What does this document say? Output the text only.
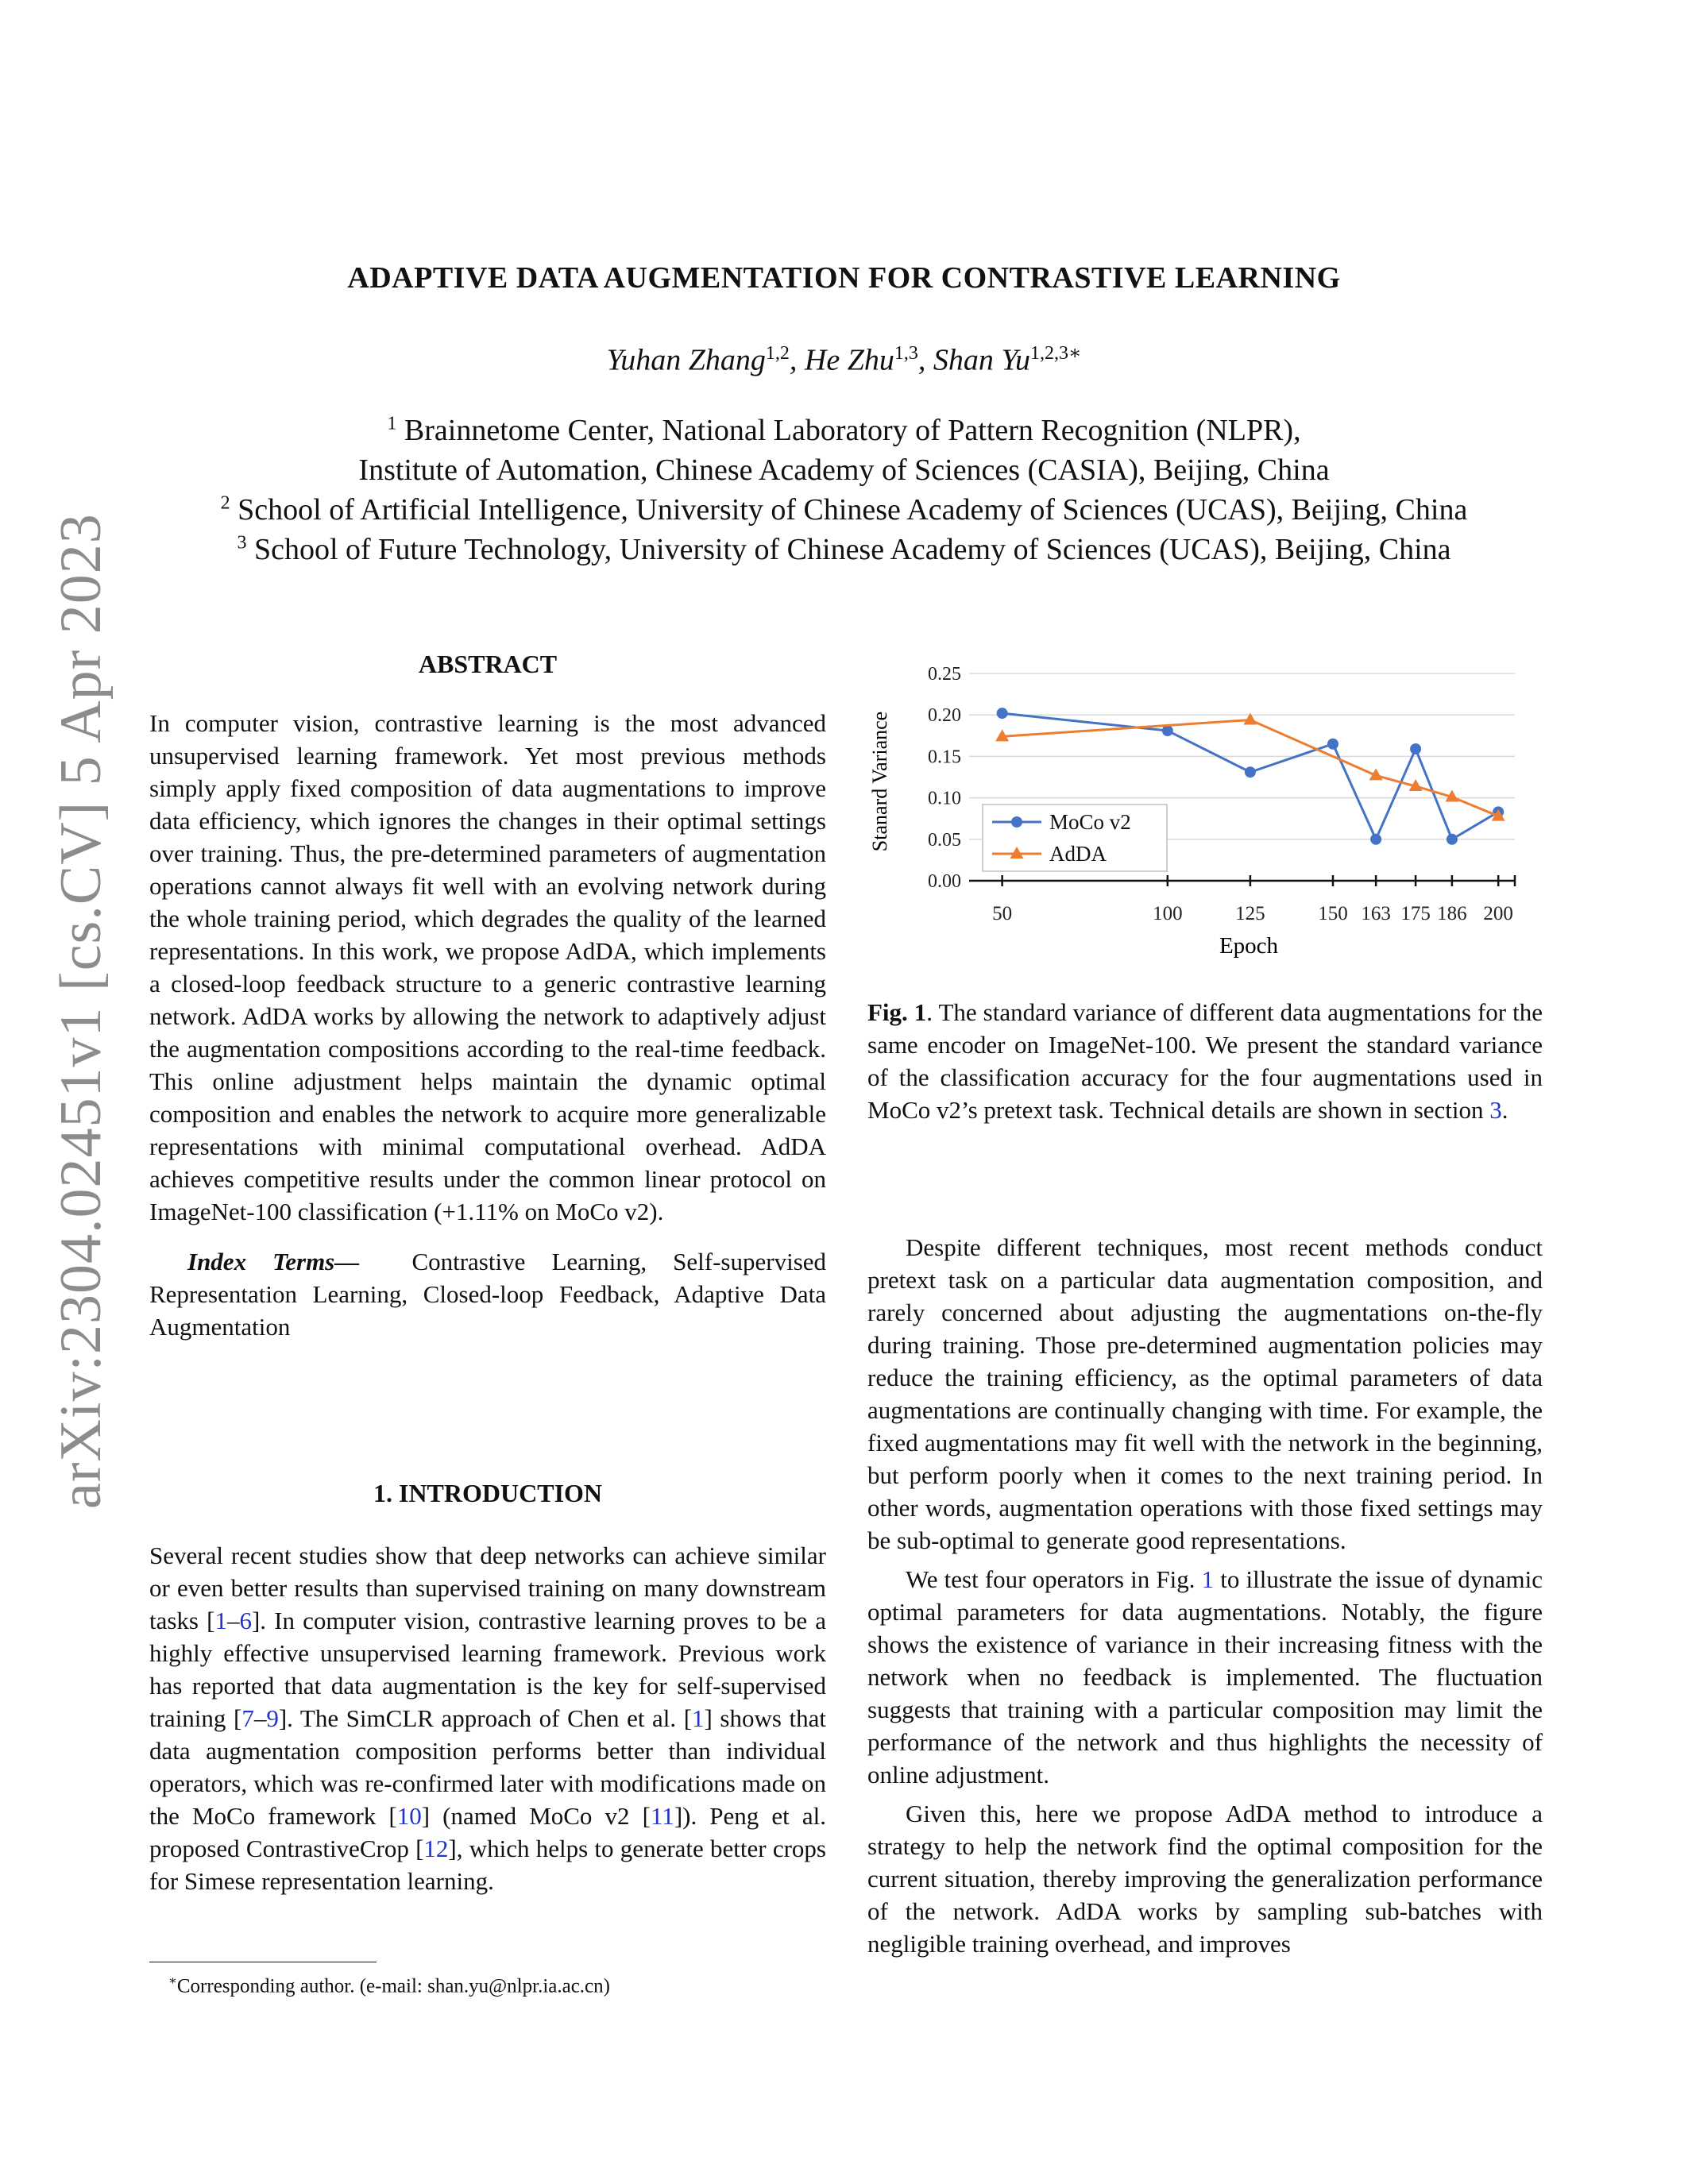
arXiv:2304.02451v1 [cs.CV] 5 Apr 2023
ADAPTIVE DATA AUGMENTATION FOR CONTRASTIVE LEARNING
Yuhan Zhang$^{1,2}$, He Zhu$^{1,3}$, Shan $Yu^{1,2,3∗}$
$^1$ Brainnetome Center, National Laboratory of Pattern Recognition (NLPR),
Institute of Automation, Chinese Academy of Sciences (CASIA), Beijing, China
$^2$ School of Artificial Intelligence, University of Chinese Academy of Sciences (UCAS), Beijing, China
$^3$ School of Future Technology, University of Chinese Academy of Sciences (UCAS), Beijing, China
ABSTRACT

In computer vision, contrastive learning is the most advanced unsupervised learning framework. Yet most previous methods simply apply fixed composition of data augmentations to improve data efficiency, which ignores the changes in their optimal settings over training. Thus, the pre-determined parameters of augmentation operations cannot always fit well with an evolving network during the whole training period, which degrades the quality of the learned representations. In this work, we propose AdDA, which implements a closed-loop feedback structure to a generic contrastive learning network. AdDA works by allowing the network to adaptively adjust the augmentation compositions according to the real-time feedback. This online adjustment helps maintain the dynamic optimal composition and enables the network to acquire more generalizable representations with minimal computational overhead. AdDA achieves competitive results under the common linear protocol on ImageNet-100 classification (+1.11% on MoCo v2).

Index Terms— Contrastive Learning, Self-supervised Representation Learning, Closed-loop Feedback, Adaptive Data Augmentation

1. INTRODUCTION

Several recent studies show that deep networks can achieve similar or even better results than supervised training on many downstream tasks [1–6]. In computer vision, contrastive learning proves to be a highly effective unsupervised learning framework. Previous work has reported that data augmentation is the key for self-supervised training [7–9]. The SimCLR approach of Chen et al. [1] shows that data augmentation composition performs better than individual operators, which was re-confirmed later with modifications made on the MoCo framework [10] (named MoCo v2 [11]). Peng et al. proposed ContrastiveCrop [12], which helps to generate better crops for Simese representation learning.

∗Corresponding author. (e-mail: shan.yu@nlpr.ia.ac.cn)
0.00
0.05
0.10
0.15
0.20
0.25
50	100	125	150 163 175 186 200
MoCo v2
AdDA
Stanard Variance
Epoch

Fig. 1. The standard variance of different data augmentations for the same encoder on ImageNet-100. We present the standard variance of the classification accuracy for the four augmentations used in MoCo v2’s pretext task. Technical details are shown in section 3.

Despite different techniques, most recent methods conduct pretext task on a particular data augmentation composition, and rarely concerned about adjusting the augmentations on-the-fly during training. Those pre-determined augmentation policies may reduce the training efficiency, as the optimal parameters of data augmentations are continually changing with time. For example, the fixed augmentations may fit well with the network in the beginning, but perform poorly when it comes to the next training period. In other words, augmentation operations with those fixed settings may be sub-optimal to generate good representations.

We test four operators in Fig. 1 to illustrate the issue of dynamic optimal parameters for data augmentations. Notably, the figure shows the existence of variance in their increasing fitness with the network when no feedback is implemented. The fluctuation suggests that training with a particular composition may limit the performance of the network and thus highlights the necessity of online adjustment.

Given this, here we propose AdDA method to introduce a strategy to help the network find the optimal composition for the current situation, thereby improving the generalization performance of the network. AdDA works by sampling sub-batches with negligible training overhead, and improves
